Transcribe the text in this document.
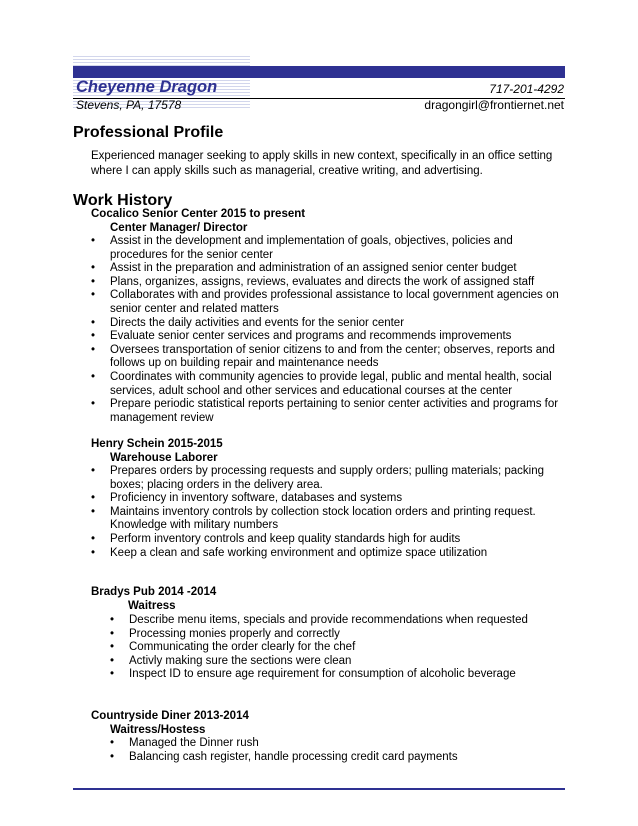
Cheyenne Dragon	717-201-4292
Stevens, PA, 17578	dragongirl@frontiernet.net
Professional Profile
Experienced manager seeking to apply skills in new context, specifically in an office setting where I can apply skills such as managerial, creative writing, and advertising.
Work History
Cocalico Senior Center 2015 to present
Center Manager/ Director
• Assist in the development and implementation of goals, objectives, policies and procedures for the senior center
• Assist in the preparation and administration of an assigned senior center budget
• Plans, organizes, assigns, reviews, evaluates and directs the work of assigned staff
• Collaborates with and provides professional assistance to local government agencies on senior center and related matters
• Directs the daily activities and events for the senior center
• Evaluate senior center services and programs and recommends improvements
• Oversees transportation of senior citizens to and from the center; observes, reports and follows up on building repair and maintenance needs
• Coordinates with community agencies to provide legal, public and mental health, social services, adult school and other services and educational courses at the center
• Prepare periodic statistical reports pertaining to senior center activities and programs for management review
Henry Schein 2015-2015
Warehouse Laborer
• Prepares orders by processing requests and supply orders; pulling materials; packing boxes; placing orders in the delivery area.
• Proficiency in inventory software, databases and systems
• Maintains inventory controls by collection stock location orders and printing request. Knowledge with military numbers
• Perform inventory controls and keep quality standards high for audits
• Keep a clean and safe working environment and optimize space utilization
Bradys Pub 2014 -2014
Waitress
• Describe menu items, specials and provide recommendations when requested
• Processing monies properly and correctly
• Communicating the order clearly for the chef
• Activly making sure the sections were clean
• Inspect ID to ensure age requirement for consumption of alcoholic beverage
Countryside Diner 2013-2014
Waitress/Hostess
• Managed the Dinner rush
• Balancing cash register, handle processing credit card payments
